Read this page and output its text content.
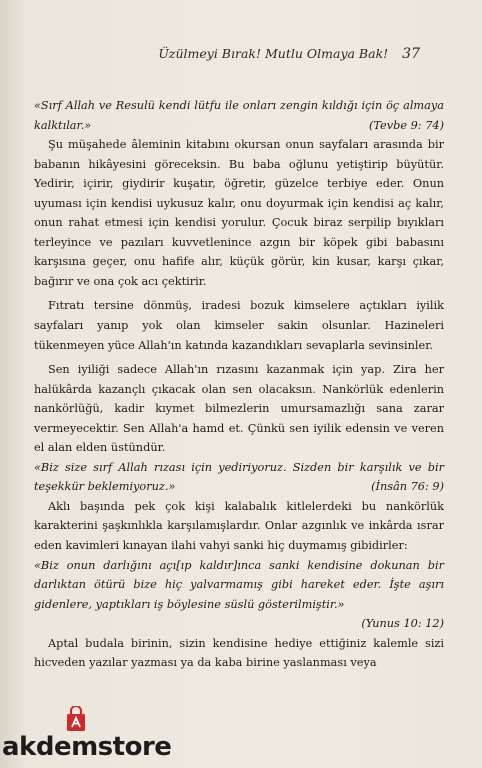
Üzülmeyi Bırak! Mutlu Olmaya Bak! 37

«Sırf Allah ve Resulü kendi lütfu ile onları zengin kıldığı için öç almaya kalktılar.»	(Tevbe 9: 74)

Şu müşahede âleminin kitabını okursan onun sayfaları arasında bir babanın hikâyesini göreceksin. Bu baba oğlunu yetiştirip büyütür. Yedirir, içirir, giydirir kuşatır, öğretir, güzelce terbiye eder. Onun uyuması için kendisi uykusuz kalır, onu doyurmak için kendisi aç kalır, onun rahat etmesi için kendisi yorulur. Çocuk biraz serpilip bıyıkları terleyince ve pazıları kuvvetlenince azgın bir köpek gibi babasını karşısına geçer, onu hafife alır, küçük görür, kin kusar, karşı çıkar, bağırır ve ona çok acı çektirir.

Fıtratı tersine dönmüş, iradesi bozuk kimselere açtıkları iyilik sayfaları yanıp yok olan kimseler sakin olsunlar. Hazineleri tükenmeyen yüce Allah'ın katında kazandıkları sevaplarla sevinsinler.

Sen iyiliği sadece Allah'ın rızasını kazanmak için yap. Zira her halükârda kazançlı çıkacak olan sen olacaksın. Nankörlük edenlerin nankörlüğü, kadir kıymet bilmezlerin umursamazlığı sana zarar vermeyecektir. Sen Allah'a hamd et. Çünkü sen iyilik edensin ve veren el alan elden üstündür.

«Biz size sırf Allah rızası için yediriyoruz. Sizden bir karşılık ve bir teşekkür beklemiyoruz.»	(İnsân 76: 9)

Aklı başında pek çok kişi kalabalık kitlelerdeki bu nankörlük karakterini şaşkınlıkla karşılamışlardır. Onlar azgınlık ve inkârda ısrar eden kavimleri kınayan ilahi vahyi sanki hiç duymamış gibidirler:

«Biz onun darlığını açı[ıp kaldır]ınca sanki kendisine dokunan bir darlıktan ötürü bize hiç yalvarmamış gibi hareket eder. İşte aşırı gidenlere, yaptıkları iş böylesine süslü gösterilmiştir.»

(Yunus 10: 12)

Aptal budala birinin, sizin kendisine hediye ettiğiniz kalemle sizi hicveden yazılar yazması ya da kaba birine yaslanması veya

akdemstore
